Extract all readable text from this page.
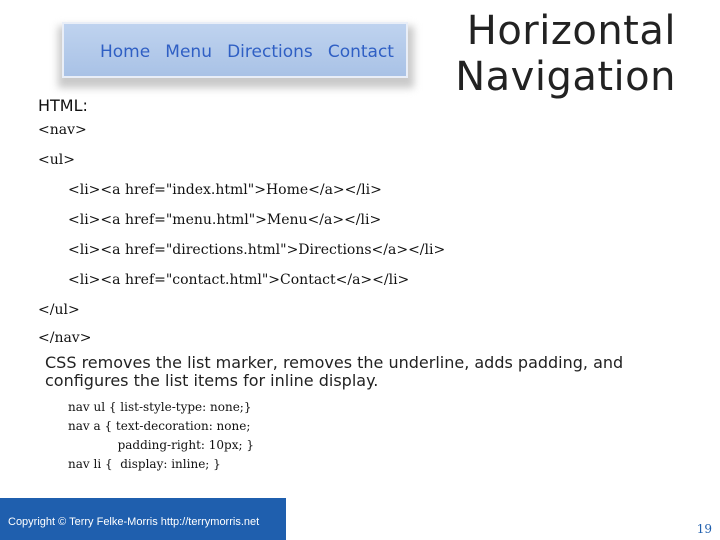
Horizontal
Navigation
Home Menu Directions Contact
HTML:
<nav>
<ul>
<li><a href="index.html">Home</a></li>
<li><a href="menu.html">Menu</a></li>
<li><a href="directions.html">Directions</a></li>
<li><a href="contact.html">Contact</a></li>
</ul>
</nav>
CSS removes the list marker, removes the underline, adds padding, and configures the list items for inline display.
nav ul { list-style-type: none;}
nav a { text-decoration: none;
padding-right: 10px; }
nav li {  display: inline; }
Copyright © Terry Felke-Morris http://terrymorris.net	19
